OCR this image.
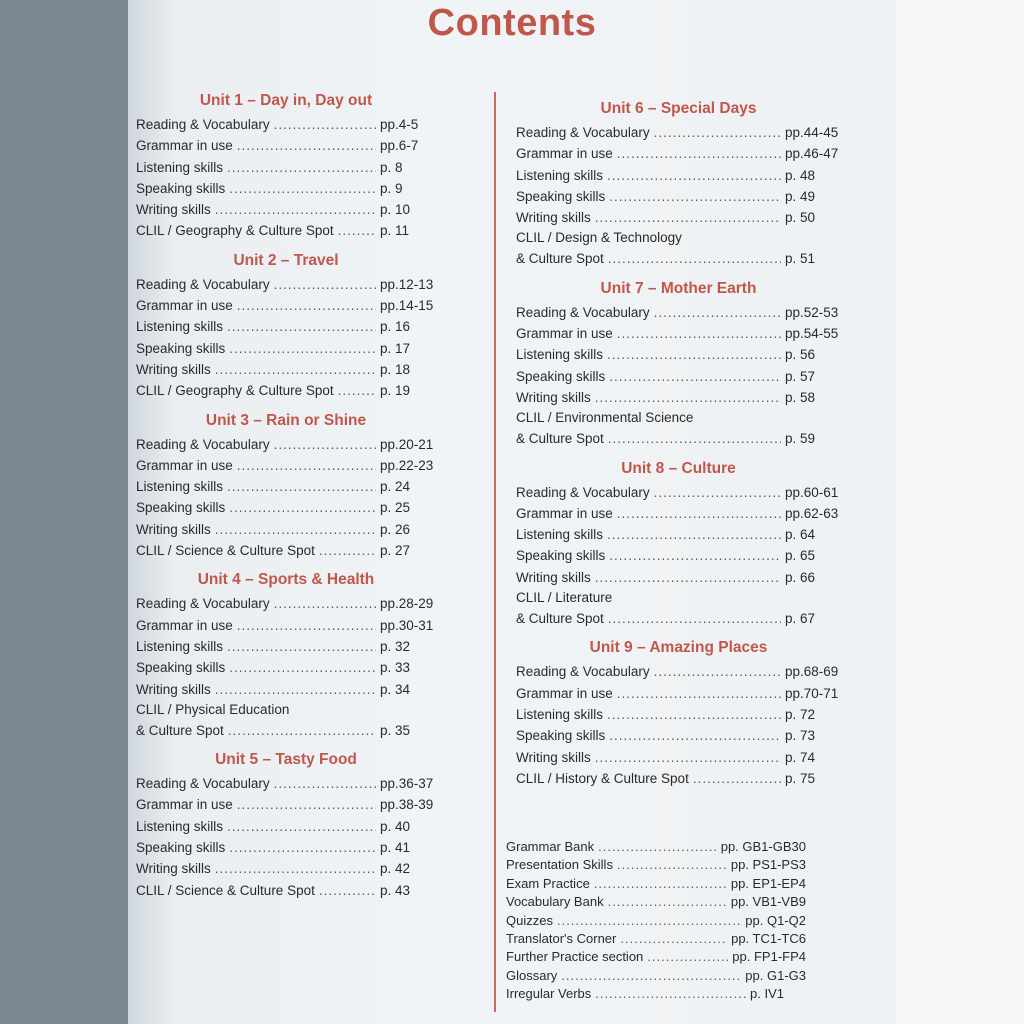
Contents
Unit 1 – Day in, Day out
Reading & Vocabulary .....	pp.4-5
Grammar in use .....	pp.6-7
Listening skills .....	p. 8
Speaking skills .....	p. 9
Writing skills .....	p. 10
CLIL / Geography & Culture Spot .....	p. 11
Unit 2 – Travel
Reading & Vocabulary .....	pp.12-13
Grammar in use .....	pp.14-15
Listening skills .....	p. 16
Speaking skills .....	p. 17
Writing skills .....	p. 18
CLIL / Geography & Culture Spot .....	p. 19
Unit 3 – Rain or Shine
Reading & Vocabulary .....	pp.20-21
Grammar in use .....	pp.22-23
Listening skills .....	p. 24
Speaking skills .....	p. 25
Writing skills .....	p. 26
CLIL / Science & Culture Spot .....	p. 27
Unit 4 – Sports & Health
Reading & Vocabulary .....	pp.28-29
Grammar in use .....	pp.30-31
Listening skills .....	p. 32
Speaking skills .....	p. 33
Writing skills .....	p. 34
CLIL / Physical Education
& Culture Spot .....	p. 35
Unit 5 – Tasty Food
Reading & Vocabulary .....	pp.36-37
Grammar in use .....	pp.38-39
Listening skills .....	p. 40
Speaking skills .....	p. 41
Writing skills .....	p. 42
CLIL / Science & Culture Spot .....	p. 43
Unit 6 – Special Days
Reading & Vocabulary .....	pp.44-45
Grammar in use .....	pp.46-47
Listening skills .....	p. 48
Speaking skills .....	p. 49
Writing skills .....	p. 50
CLIL / Design & Technology
& Culture Spot .....	p. 51
Unit 7 – Mother Earth
Reading & Vocabulary .....	pp.52-53
Grammar in use .....	pp.54-55
Listening skills .....	p. 56
Speaking skills .....	p. 57
Writing skills .....	p. 58
CLIL / Environmental Science
& Culture Spot .....	p. 59
Unit 8 – Culture
Reading & Vocabulary .....	pp.60-61
Grammar in use .....	pp.62-63
Listening skills .....	p. 64
Speaking skills .....	p. 65
Writing skills .....	p. 66
CLIL / Literature
& Culture Spot .....	p. 67
Unit 9 – Amazing Places
Reading & Vocabulary .....	pp.68-69
Grammar in use .....	pp.70-71
Listening skills .....	p. 72
Speaking skills .....	p. 73
Writing skills .....	p. 74
CLIL / History & Culture Spot .....	p. 75
Grammar Bank .....	pp. GB1-GB30
Presentation Skills .....	pp. PS1-PS3
Exam Practice .....	pp. EP1-EP4
Vocabulary Bank .....	pp. VB1-VB9
Quizzes .....	pp. Q1-Q2
Translator's Corner .....	pp. TC1-TC6
Further Practice section .....	pp. FP1-FP4
Glossary .....	pp. G1-G3
Irregular Verbs .....	p. IV1
